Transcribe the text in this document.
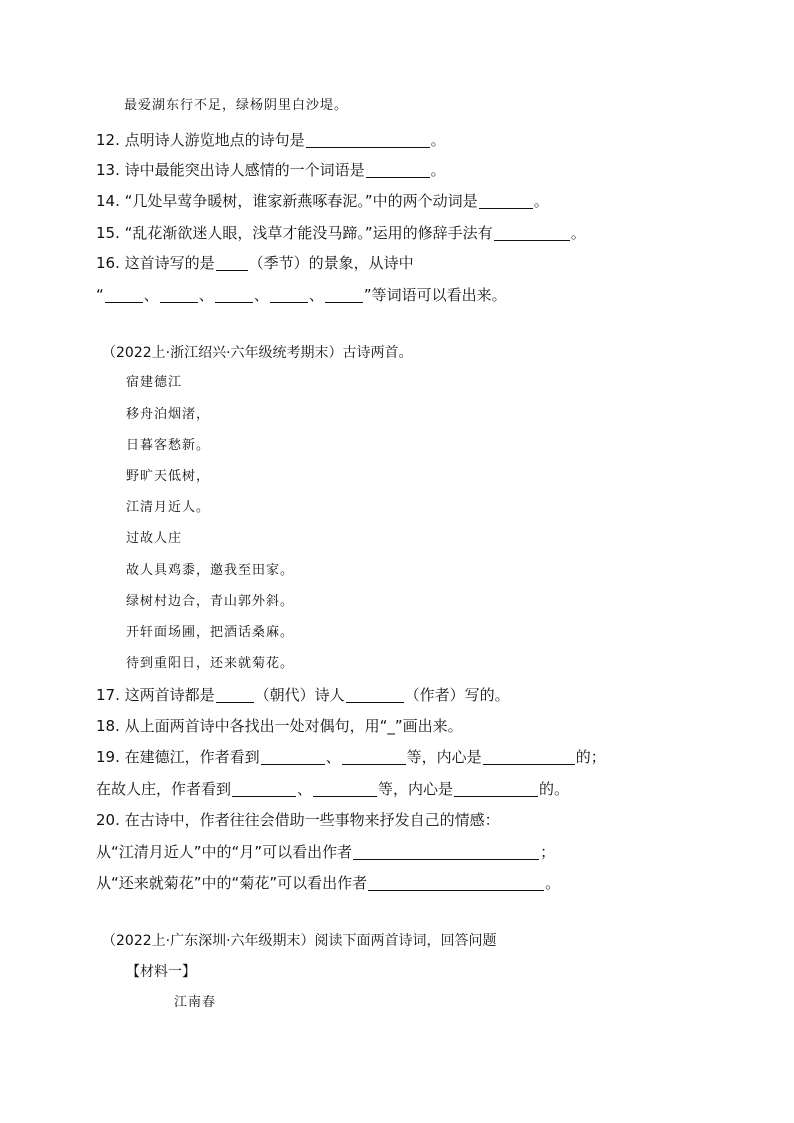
最爱湖东行不足，绿杨阴里白沙堤。
12. 点明诗人游览地点的诗句是	。
13. 诗中最能突出诗人感情的一个词语是	。
14. “几处早莺争暖树，谁家新燕啄春泥。”中的两个动词是	。
15. “乱花渐欲迷人眼，浅草才能没马蹄。”运用的修辞手法有	。
16. 这首诗写的是 （季节）的景象，从诗中
“	、	、	、	、	”等词语可以看出来。
（2022上·浙江绍兴·六年级统考期末）古诗两首。
宿建德江
移舟泊烟渚，
日暮客愁新。
野旷天低树，
江清月近人。
过故人庄
故人具鸡黍，邀我至田家。
绿树村边合，青山郭外斜。
开轩面场圃，把酒话桑麻。
待到重阳日，还来就菊花。
17. 这两首诗都是	（朝代）诗人	（作者）写的。
18. 从上面两首诗中各找出一处对偶句，用“_”画出来。
19. 在建德江，作者看到	、	等，内心是	的；
在故人庄，作者看到	、	等，内心是	的。
20. 在古诗中，作者往往会借助一些事物来抒发自己的情感：
从“江清月近人”中的“月”可以看出作者	；
从“还来就菊花”中的“菊花”可以看出作者	。
（2022上·广东深圳·六年级期末）阅读下面两首诗词，回答问题
【材料一】
江南春
